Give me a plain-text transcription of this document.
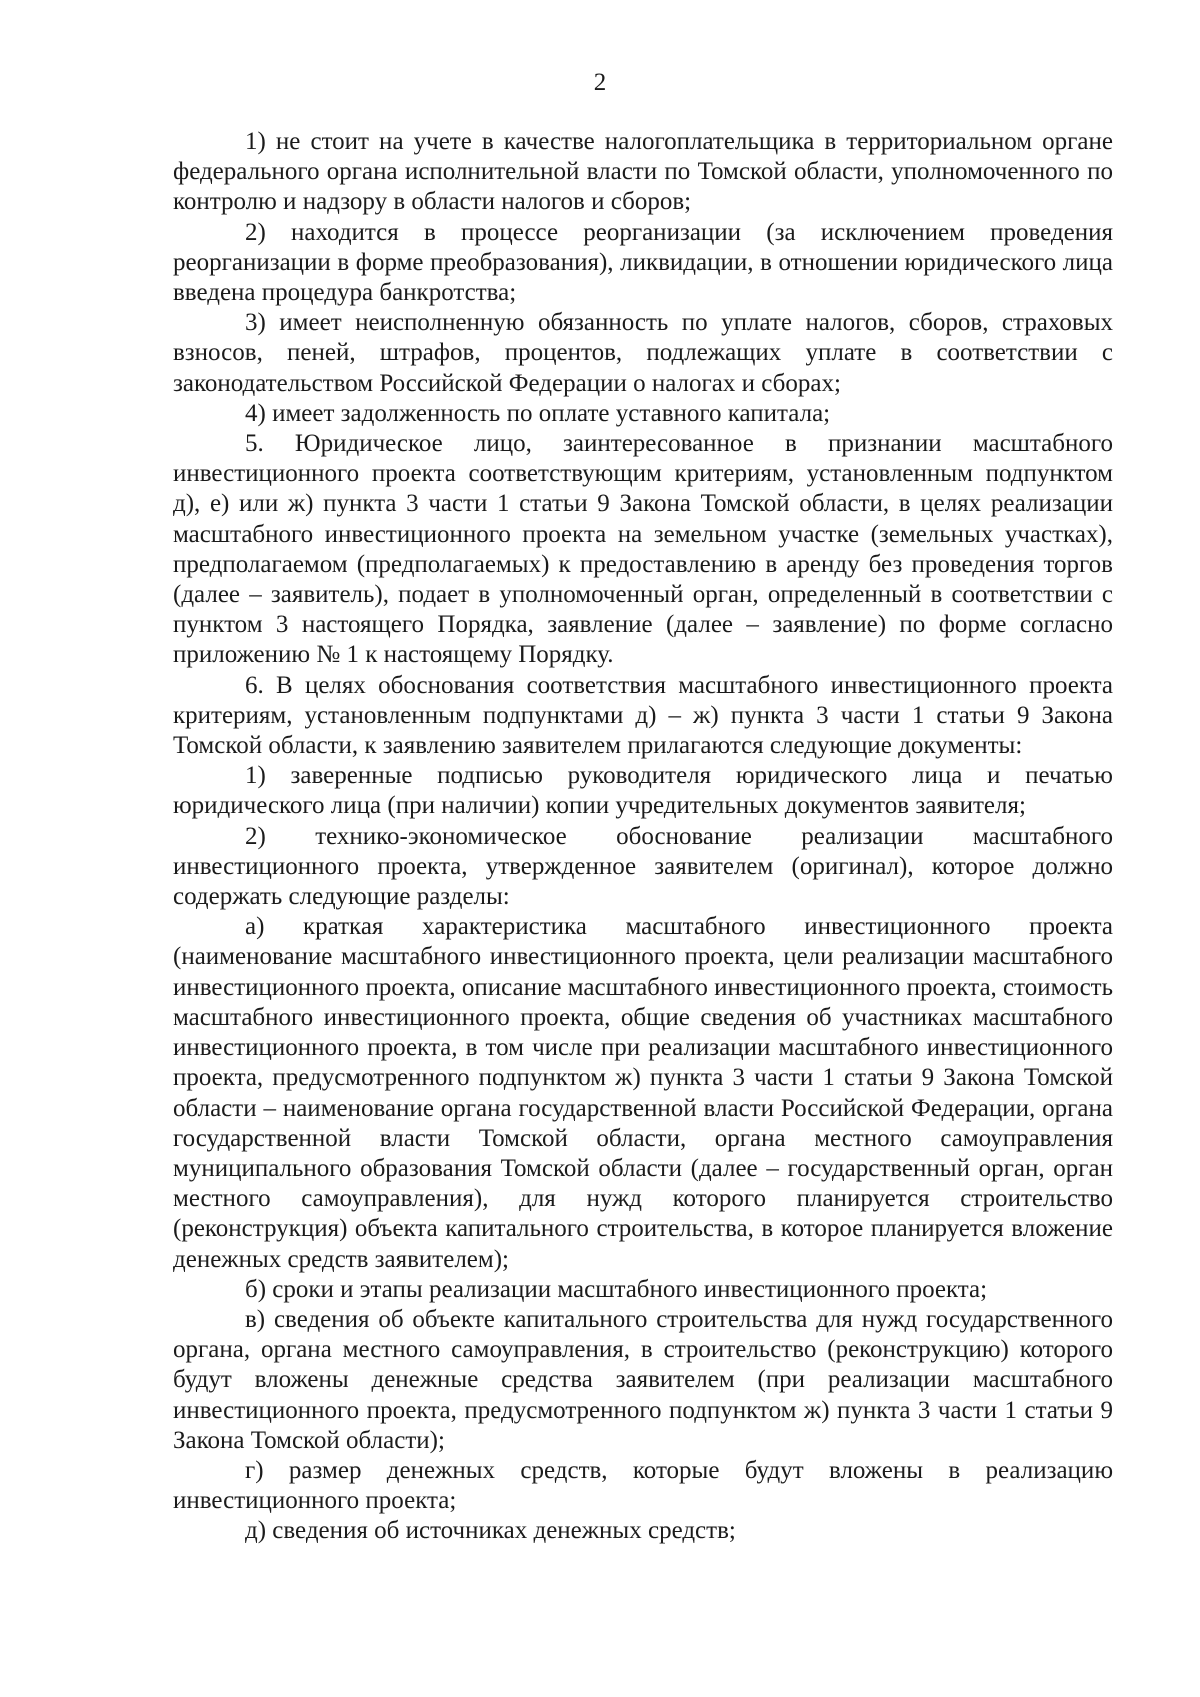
2

1) не стоит на учете в качестве налогоплательщика в территориальном органе федерального органа исполнительной власти по Томской области, уполномоченного по контролю и надзору в области налогов и сборов;

2) находится в процессе реорганизации (за исключением проведения реорганизации в форме преобразования), ликвидации, в отношении юридического лица введена процедура банкротства;

3) имеет неисполненную обязанность по уплате налогов, сборов, страховых взносов, пеней, штрафов, процентов, подлежащих уплате в соответствии с законодательством Российской Федерации о налогах и сборах;

4) имеет задолженность по оплате уставного капитала;

5. Юридическое лицо, заинтересованное в признании масштабного инвестиционного проекта соответствующим критериям, установленным подпунктом д), е) или ж) пункта 3 части 1 статьи 9 Закона Томской области, в целях реализации масштабного инвестиционного проекта на земельном участке (земельных участках), предполагаемом (предполагаемых) к предоставлению в аренду без проведения торгов (далее – заявитель), подает в уполномоченный орган, определенный в соответствии с пунктом 3 настоящего Порядка, заявление (далее – заявление) по форме согласно приложению № 1 к настоящему Порядку.

6. В целях обоснования соответствия масштабного инвестиционного проекта критериям, установленным подпунктами д) – ж) пункта 3 части 1 статьи 9 Закона Томской области, к заявлению заявителем прилагаются следующие документы:

1) заверенные подписью руководителя юридического лица и печатью юридического лица (при наличии) копии учредительных документов заявителя;

2) технико-экономическое обоснование реализации масштабного инвестиционного проекта, утвержденное заявителем (оригинал), которое должно содержать следующие разделы:

а) краткая характеристика масштабного инвестиционного проекта (наименование масштабного инвестиционного проекта, цели реализации масштабного инвестиционного проекта, описание масштабного инвестиционного проекта, стоимость масштабного инвестиционного проекта, общие сведения об участниках масштабного инвестиционного проекта, в том числе при реализации масштабного инвестиционного проекта, предусмотренного подпунктом ж) пункта 3 части 1 статьи 9 Закона Томской области – наименование органа государственной власти Российской Федерации, органа государственной власти Томской области, органа местного самоуправления муниципального образования Томской области (далее – государственный орган, орган местного самоуправления), для нужд которого планируется строительство (реконструкция) объекта капитального строительства, в которое планируется вложение денежных средств заявителем);

б) сроки и этапы реализации масштабного инвестиционного проекта;

в) сведения об объекте капитального строительства для нужд государственного органа, органа местного самоуправления, в строительство (реконструкцию) которого будут вложены денежные средства заявителем (при реализации масштабного инвестиционного проекта, предусмотренного подпунктом ж) пункта 3 части 1 статьи 9 Закона Томской области);

г) размер денежных средств, которые будут вложены в реализацию инвестиционного проекта;

д) сведения об источниках денежных средств;
